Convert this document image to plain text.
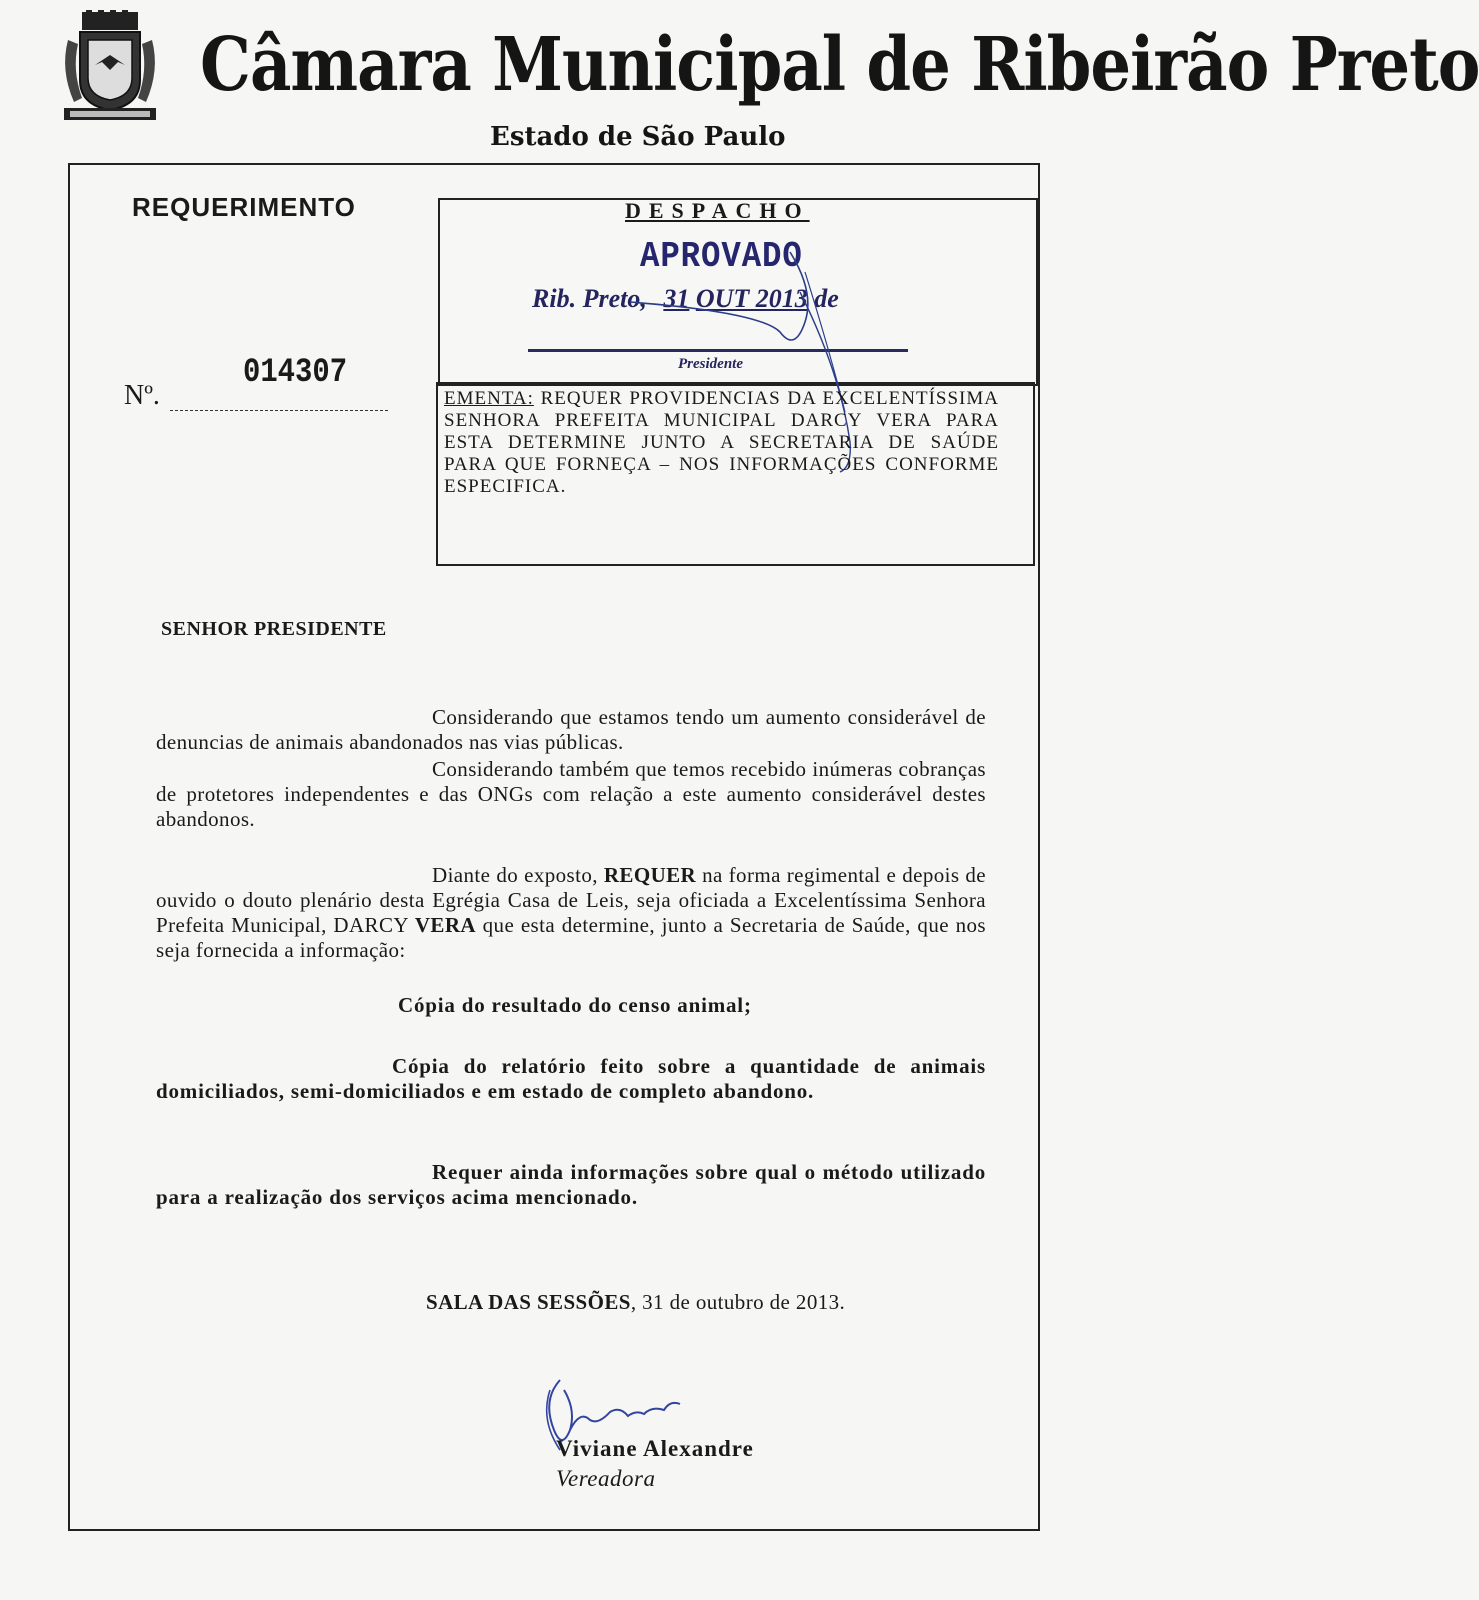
Câmara Municipal de Ribeirão Preto
Estado de São Paulo
REQUERIMENTO
Nº.
014307
DESPACHO
APROVADO
Rib. Preto, 31 OUT 2013 de
Presidente
EMENTA: REQUER PROVIDENCIAS DA EXCELENTÍSSIMA SENHORA PREFEITA MUNICIPAL DARCY VERA PARA ESTA DETERMINE JUNTO A SECRETARIA DE SAÚDE PARA QUE FORNEÇA – NOS INFORMAÇÕES CONFORME ESPECIFICA.
SENHOR PRESIDENTE
Considerando que estamos tendo um aumento considerável de denuncias de animais abandonados nas vias públicas.
Considerando também que temos recebido inúmeras cobranças de protetores independentes e das ONGs com relação a este aumento considerável destes abandonos.
Diante do exposto, REQUER na forma regimental e depois de ouvido o douto plenário desta Egrégia Casa de Leis, seja oficiada a Excelentíssima Senhora Prefeita Municipal, DARCY VERA que esta determine, junto a Secretaria de Saúde, que nos seja fornecida a informação:
Cópia do resultado do censo animal;
Cópia do relatório feito sobre a quantidade de animais domiciliados, semi-domiciliados e em estado de completo abandono.
Requer ainda informações sobre qual o método utilizado para a realização dos serviços acima mencionado.
SALA DAS SESSÕES, 31 de outubro de 2013.
Viviane Alexandre
Vereadora
